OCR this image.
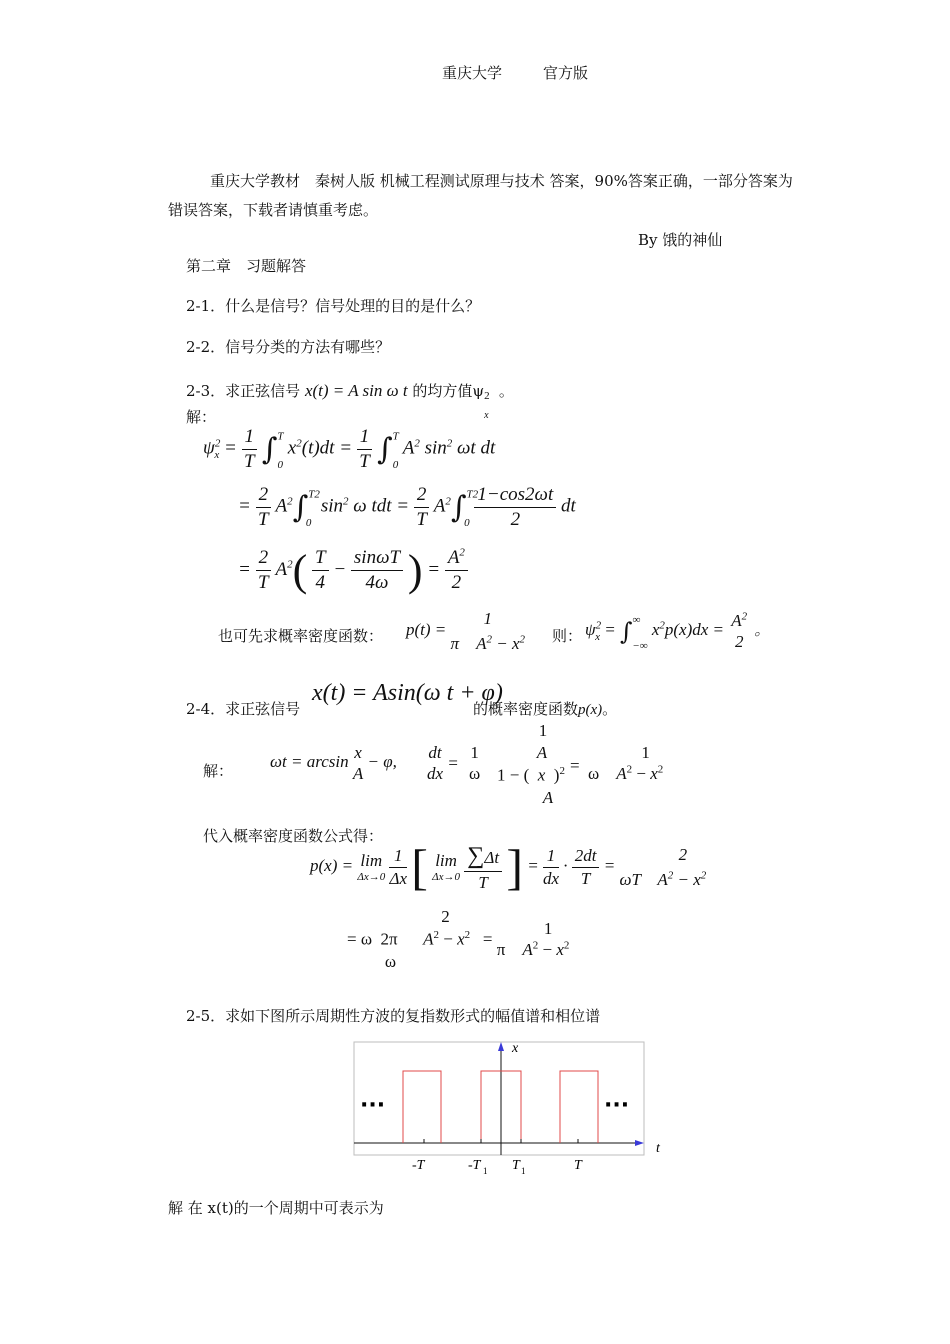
重庆大学	官方版
重庆大学教材　秦树人版 机械工程测试原理与技术 答案，90%答案正确，一部分答案为
错误答案，下载者请慎重考虑。
By 饿的神仙
第二章　习题解答
2-1．什么是信号？信号处理的目的是什么？
2-2．信号分类的方法有哪些？
2-3．求正弦信号 x(t) = A sin ω t 的均方值ψ 2
x
。
解：
$\psi^2_x = \frac{1}{T} \int^T_0$ $x^2(t)dt = \frac{1}{T} \int^T_0$ $A^2$ $\sin^2 \omega t$ dt
= $\frac{2}{T} A^2\int^{T2}_0$  $\sin^2 \omega$ tdt = $\frac{2}{T} A^2\int^{T2}_0 \frac{1-\cos 2\omega t}{2}$ dt
= $\frac{2}{T} A^2( \frac{T}{4} - \frac{\sin\omega T}{4\omega}$ ) = $\frac{A^2}{2}$
也可先求概率密度函数： p(t) =
1
π    $A^2 - x^2$ 则： $\psi^2_x = \int^\infty_{-\infty}$ $x^2p(x)dx = A^2$
2
。
2-4．求正弦信号
x(t) = Asin(ω t + φ)
的概率密度函数p(x)。
解： ωt = arcsin x
A
− φ, dt
dx
=
1
ω
1
A
1 − (  x  )$^2$
A
=
1
ω    $A^2 - x^2$
代入概率密度函数公式得：
p(x) = lim
Δx→0
$\frac{1}{\Delta x}$ [ lim
Δx→0
$\frac{\sum\Delta t}{T}$ ] = $\frac{1}{dx} \cdot \frac{2dt}{T}$ =
2
ωT $A^2 - x^2$
=
2
ω  2π      $A^2 - x^2$
ω
=
1
π    $A^2 - x^2$
2-5．求如下图所示周期性方波的复指数形式的幅值谱和相位谱
···	···
x
t
-T	-T 1 T 1	T
解 在 x(t)的一个周期中可表示为
